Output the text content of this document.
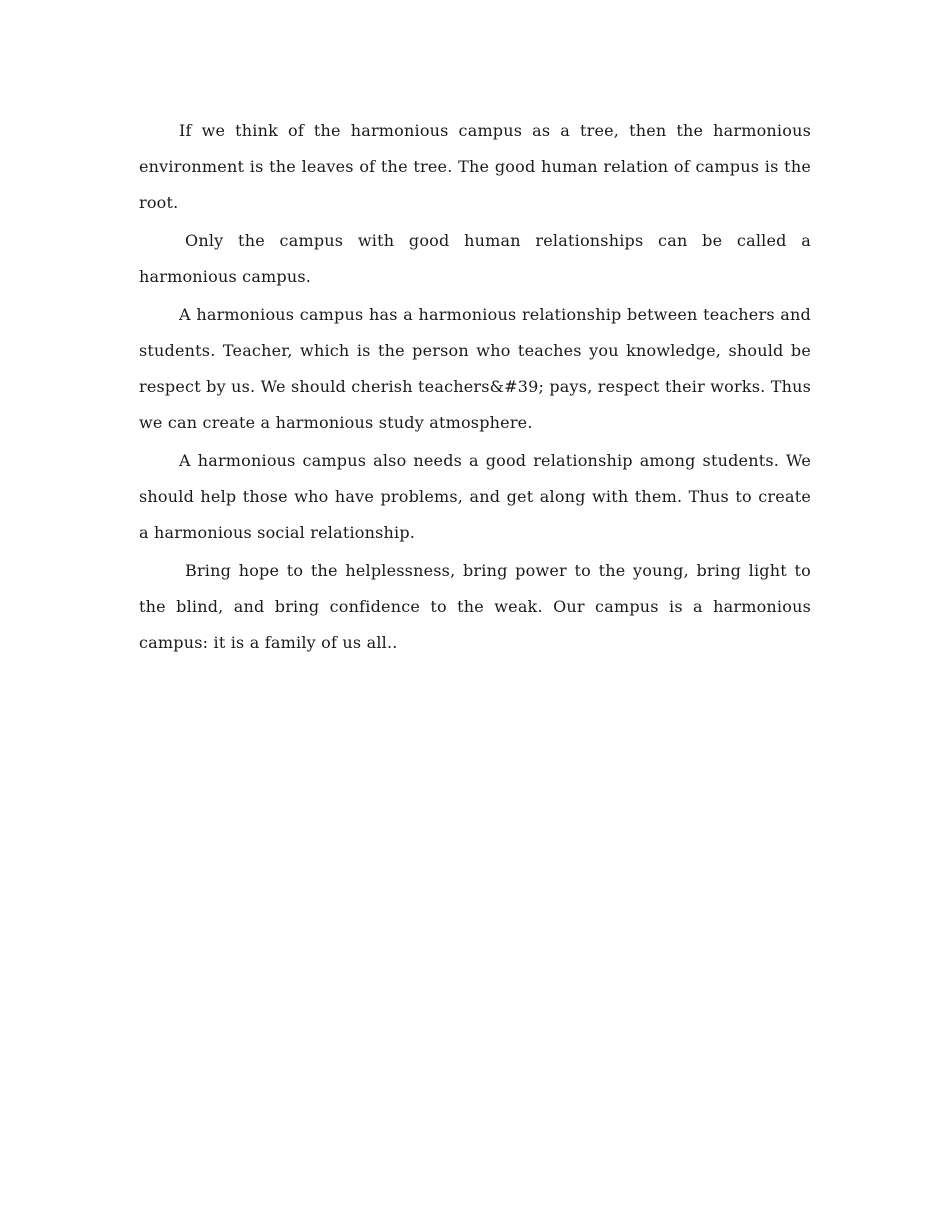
If we think of the harmonious campus as a tree, then the harmonious environment is the leaves of the tree. The good human relation of campus is the root.

Only the campus with good human relationships can be called a harmonious campus.

A harmonious campus has a harmonious relationship between teachers and students. Teacher, which is the person who teaches you knowledge, should be respect by us. We should cherish teachers&#39; pays, respect their works. Thus we can create a harmonious study atmosphere.

A harmonious campus also needs a good relationship among students. We should help those who have problems, and get along with them. Thus to create a harmonious social relationship.

Bring hope to the helplessness, bring power to the young, bring light to the blind, and bring confidence to the weak. Our campus is a harmonious campus: it is a family of us all..
